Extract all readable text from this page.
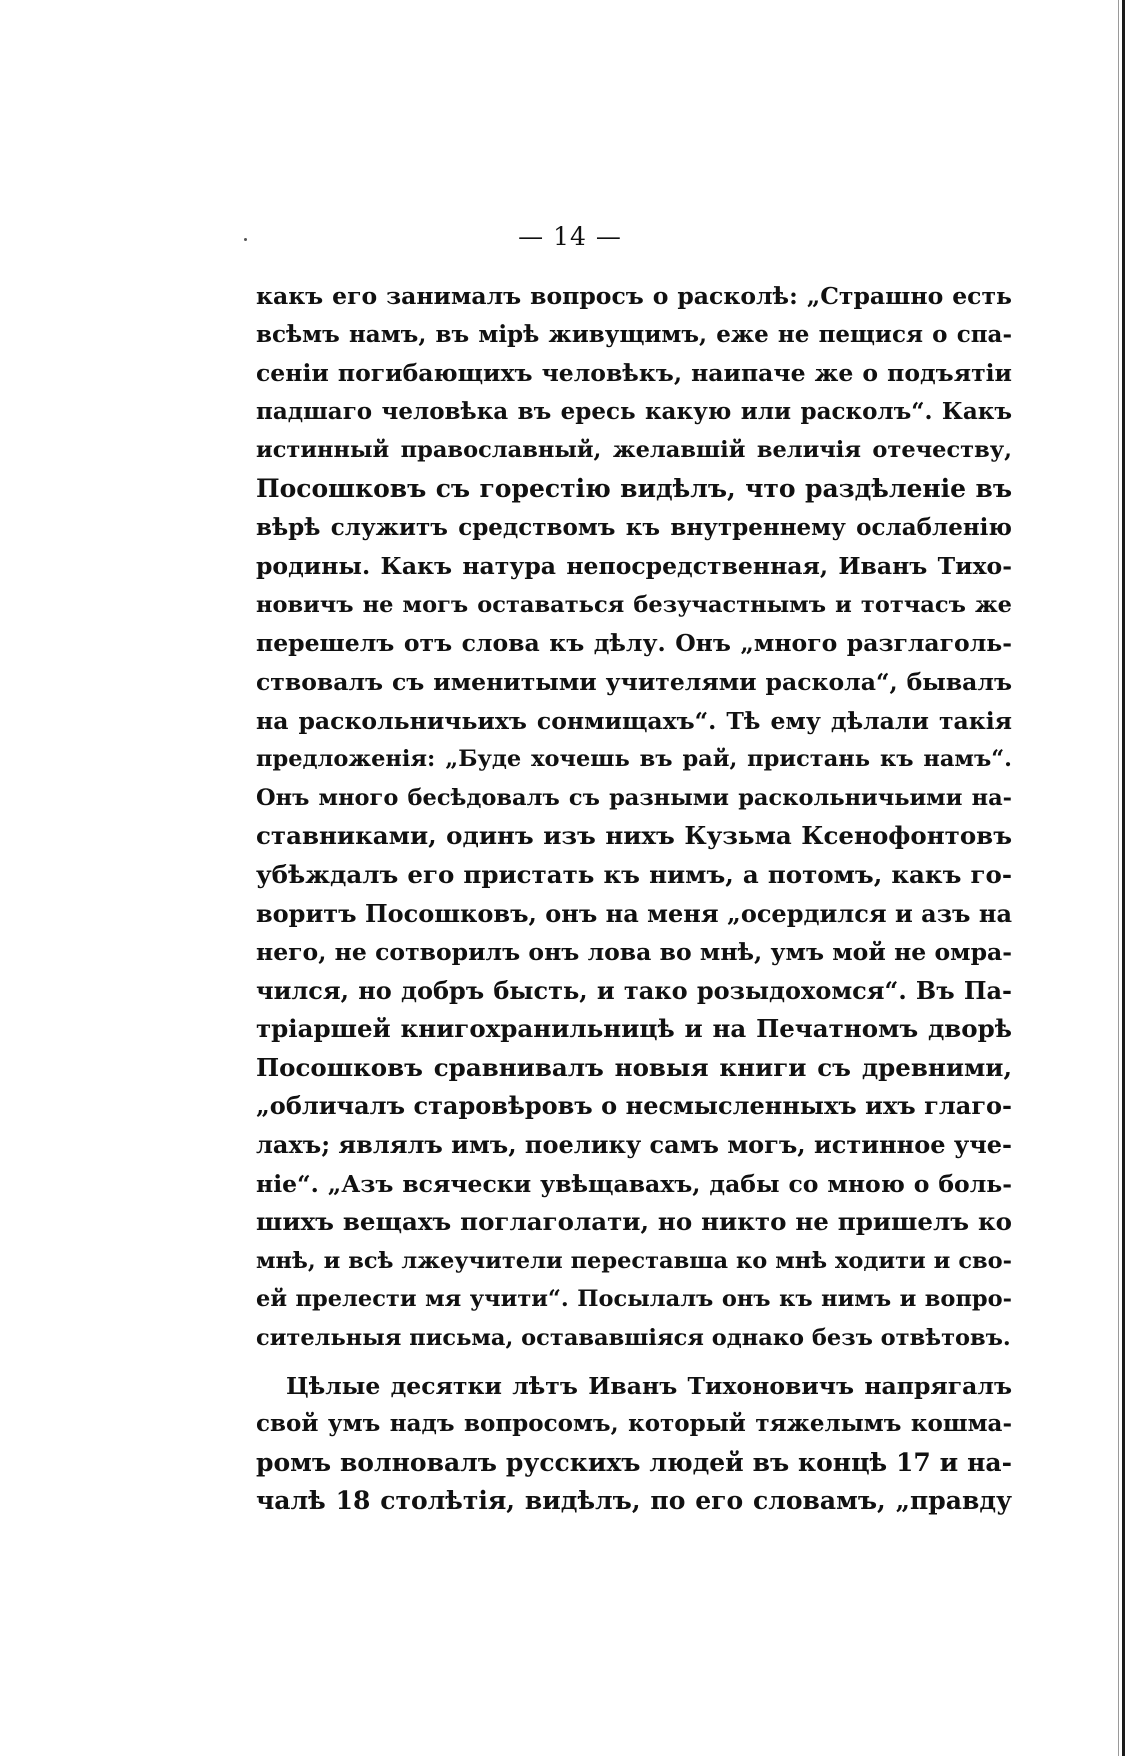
— 14 —
какъ его занималъ вопросъ о расколѣ: „Страшно есть
всѣмъ намъ, въ мірѣ живущимъ, еже не пещися о спа-
сеніи погибающихъ человѣкъ, наипаче же о подъятіи
падшаго человѣка въ ересь какую или расколъ“. Какъ
истинный православный, желавшій величія отечеству,
Посошковъ съ горестію видѣлъ, что раздѣленіе въ
вѣрѣ служитъ средствомъ къ внутреннему ослабленію
родины. Какъ натура непосредственная, Иванъ Тихо-
новичъ не могъ оставаться безучастнымъ и тотчасъ же
перешелъ отъ слова къ дѣлу. Онъ „много разглаголь-
ствовалъ съ именитыми учителями раскола“, бывалъ
на раскольничьихъ сонмищахъ“. Тѣ ему дѣлали такія
предложенія: „Буде хочешь въ рай, пристань къ намъ“.
Онъ много бесѣдовалъ съ разными раскольничьими на-
ставниками, одинъ изъ нихъ Кузьма Ксенофонтовъ
убѣждалъ его пристать къ нимъ, а потомъ, какъ го-
воритъ Посошковъ, онъ на меня „осердился и азъ на
него, не сотворилъ онъ лова во мнѣ, умъ мой не омра-
чился, но добръ бысть, и тако розыдохомся“. Въ Па-
тріаршей книгохранильницѣ и на Печатномъ дворѣ
Посошковъ сравнивалъ новыя книги съ древними,
„обличалъ старовѣровъ о несмысленныхъ ихъ глаго-
лахъ; являлъ имъ, поелику самъ могъ, истинное уче-
ніе“. „Азъ всячески увѣщавахъ, дабы со мною о боль-
шихъ вещахъ поглаголати, но никто не пришелъ ко
мнѣ, и всѣ лжеучители переставша ко мнѣ ходити и сво-
ей прелести мя учити“. Посылалъ онъ къ нимъ и вопро-
сительныя письма, остававшіяся однако безъ отвѣтовъ.
Цѣлые десятки лѣтъ Иванъ Тихоновичъ напрягалъ
свой умъ надъ вопросомъ, который тяжелымъ кошма-
ромъ волновалъ русскихъ людей въ концѣ 17 и на-
чалѣ 18 столѣтія, видѣлъ, по его словамъ, „правду
